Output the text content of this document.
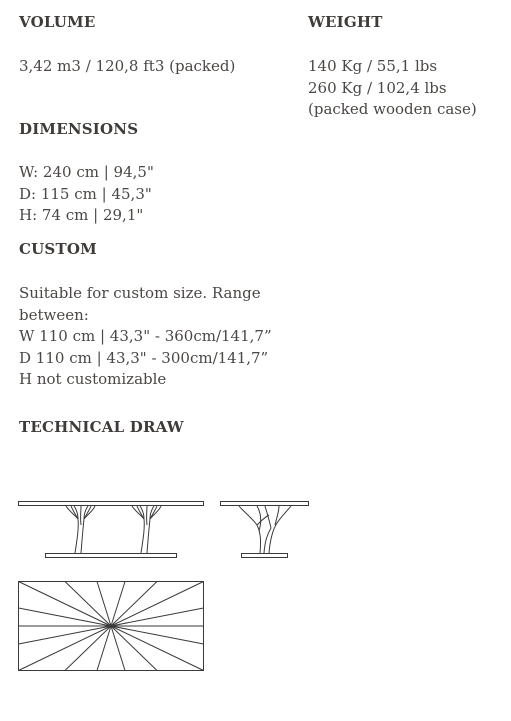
VOLUME
3,42 m3 / 120,8 ft3 (packed)
WEIGHT
140 Kg / 55,1 lbs
260 Kg / 102,4 lbs
(packed wooden case)
DIMENSIONS
W: 240 cm | 94,5"
D: 115 cm | 45,3"
H: 74 cm | 29,1"
CUSTOM
Suitable for custom size. Range
between:
W 110 cm | 43,3" - 360cm/141,7”
D 110 cm | 43,3" - 300cm/141,7”
H not customizable
TECHNICAL DRAW
